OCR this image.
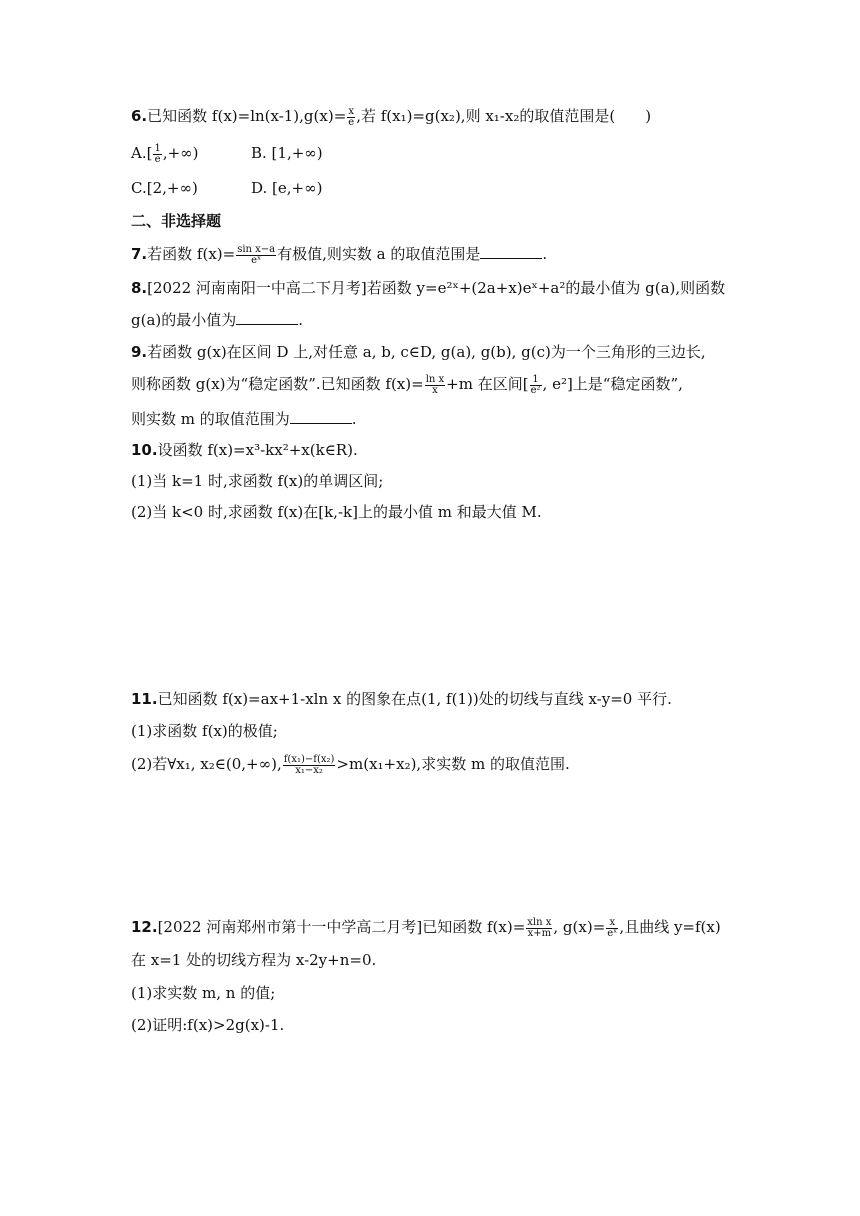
6.已知函数 $f(x)=\ln(x-1),g(x)= \frac{x}{e}$ ,若 f(x₁)=g(x₂),则 x₁-x₂的取值范围是(　　)
$A.[ \frac{1}{e}$ ,+∞)	B. [1,+∞)
C.[2,+∞)	D. [e,+∞)
二、非选择题
7.若函数 $f(x)= \frac{\text{sin x−a}}{\text{eˣ}}$ 有极值,则实数 a 的取值范围是	.
8.[2022 河南南阳一中高二下月考]若函数 y=e²ˣ+(2a+x)eˣ+a²的最小值为 g(a),则函数
g(a)的最小值为	.
9.若函数 g(x)在区间 D 上,对任意 a, b, c∈D, g(a), g(b), g(c)为一个三角形的三边长,
则称函数 g(x)为“稳定函数”.已知函数 $f(x)= \frac{\text{ln x}}{x} +m$ 在区间[ $\frac{1}{\text{e²}}$ , e²]上是“稳定函数”,
则实数 m 的取值范围为	.
10.设函数 f(x)=x³-kx²+x(k∈R).
(1)当 k=1 时,求函数 f(x)的单调区间;
(2)当 k<0 时,求函数 f(x)在[k,-k]上的最小值 m 和最大值 M.
11.已知函数 f(x)=ax+1-xln x 的图象在点(1, f(1))处的切线与直线 x-y=0 平行.
(1)求函数 f(x)的极值;
(2)若∀x₁, x₂∈(0,+∞), $\frac{\text{f(x₁)−f(x₂)}}{\text{x₁−x₂}} >m(x_1+x_2)$,求实数 m 的取值范围.
12.[2022 河南郑州市第十一中学高二月考]已知函数 $f(x)= \frac{\text{xln x}}{x+m}$ , $g(x)= \frac{x}{\text{eˣ}}$ ,且曲线 y=f(x)
在 x=1 处的切线方程为 x-2y+n=0.
(1)求实数 m, n 的值;
(2)证明:f(x)>2g(x)-1.
